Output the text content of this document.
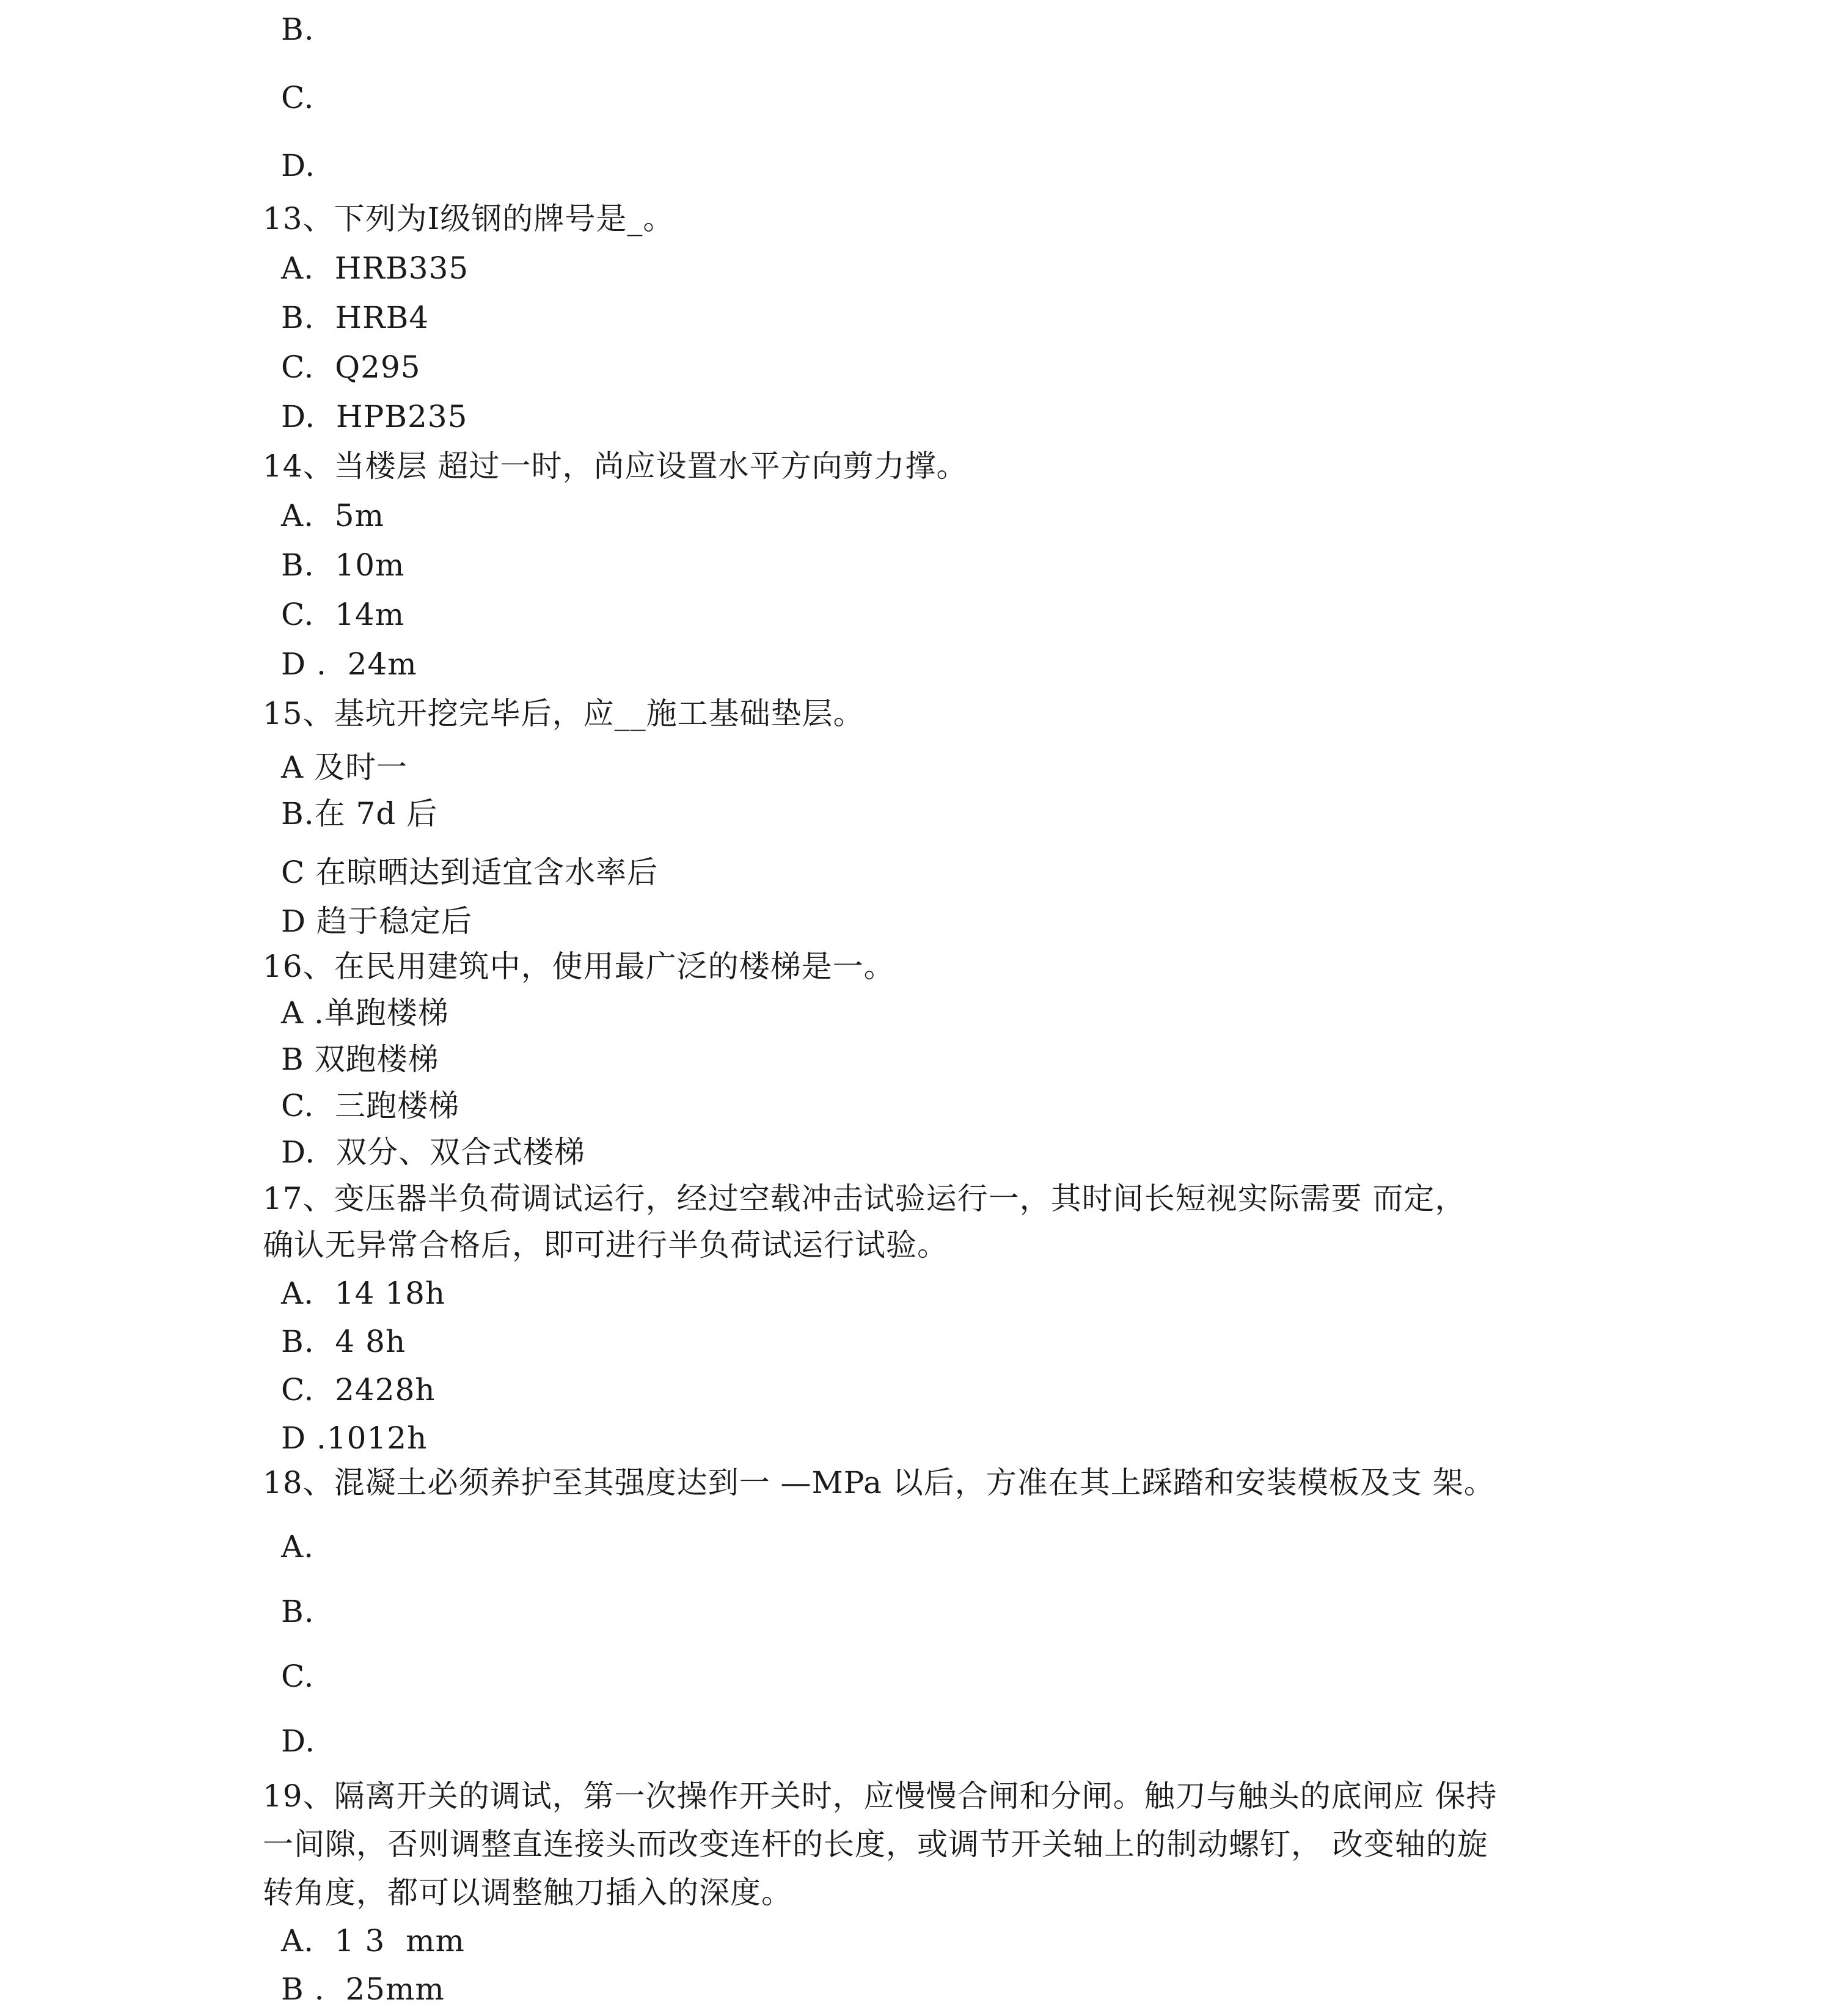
B.

C.

D.

13、下列为Ⅰ级钢的牌号是_。

A.  HRB335

B.  HRB4

C.  Q295

D.  HPB235

14、当楼层 超过一时，尚应设置水平方向剪力撑。

A.  5m

B.  10m

C.  14m

D .  24m

15、基坑开挖完毕后，应__施工基础垫层。

A 及时一

B.在 7d 后

C 在晾晒达到适宜含水率后

D 趋于稳定后

16、在民用建筑中，使用最广泛的楼梯是一。

A .单跑楼梯

B 双跑楼梯

C.  三跑楼梯

D.  双分、双合式楼梯

17、变压器半负荷调试运行，经过空载冲击试验运行一，其时间长短视实际需要 而定，

确认无异常合格后，即可进行半负荷试运行试验。

A.  14 18h

B.  4 8h

C.  2428h

D .1012h

18、混凝土必须养护至其强度达到一 —MPa 以后，方准在其上踩踏和安装模板及支 架。

A.

B.

C.

D.

19、隔离开关的调试，第一次操作开关时，应慢慢合闸和分闸。触刀与触头的底闸应 保持

一间隙，否则调整直连接头而改变连杆的长度，或调节开关轴上的制动螺钉， 改变轴的旋

转角度，都可以调整触刀插入的深度。

A.  1 3  mm

B .  25mm
